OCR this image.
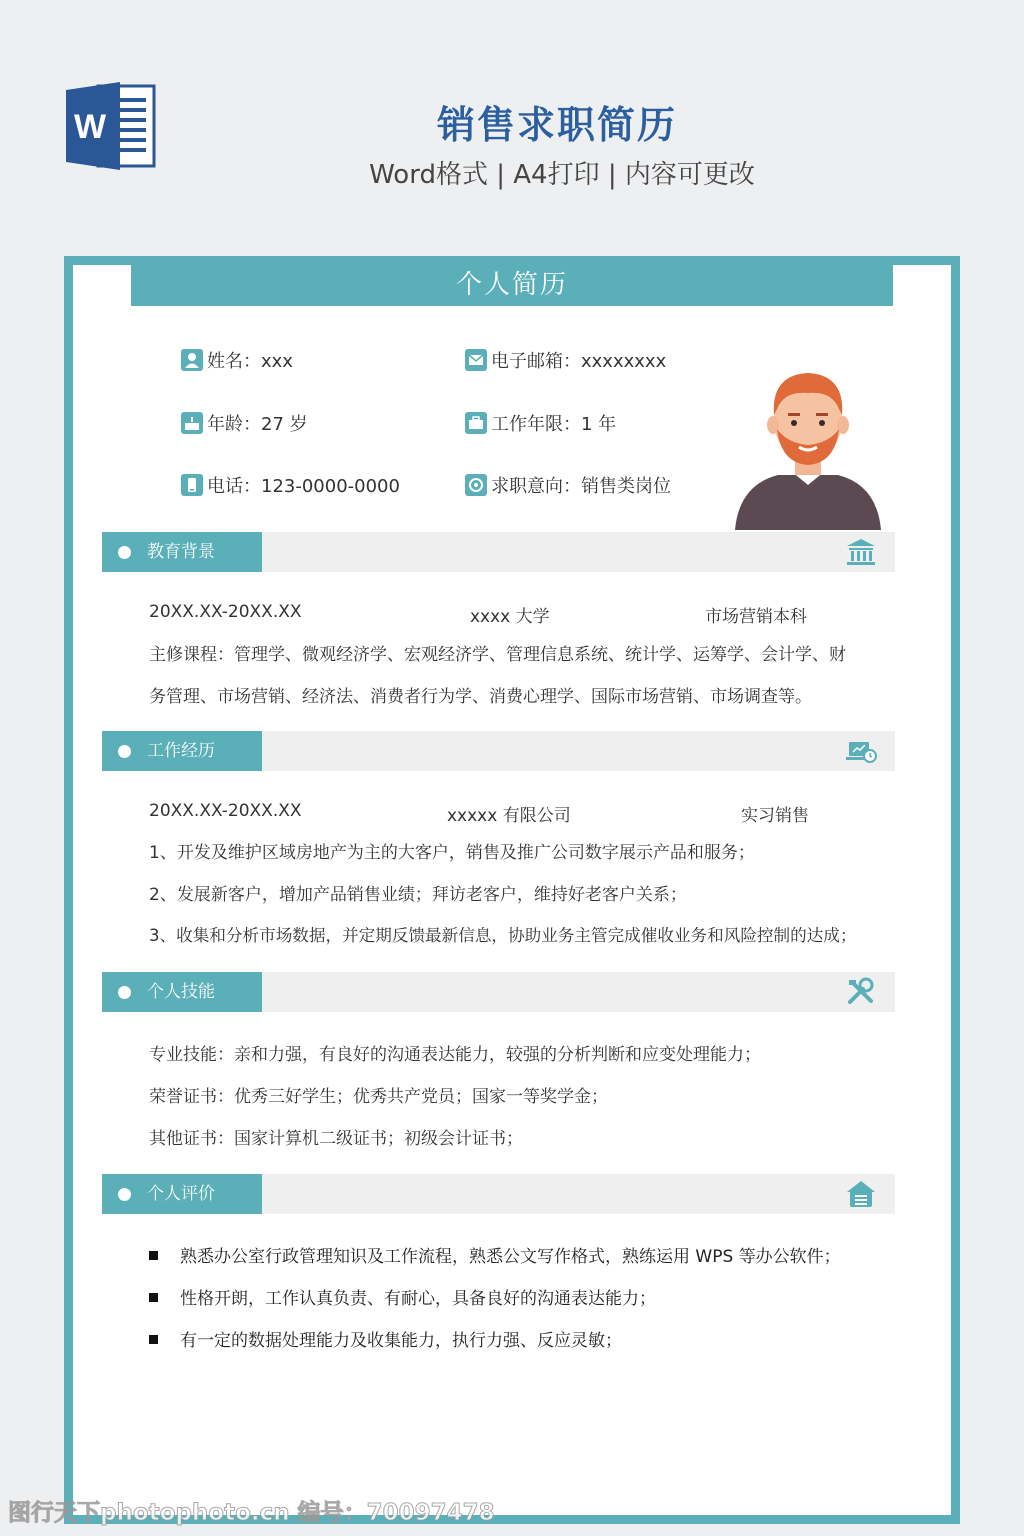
W	销售求职简历
Word格式 | A4打印 | 内容可更改
个人简历
姓名：xxx	电子邮箱：xxxxxxxx
年龄：27 岁	工作年限：1 年
电话：123-0000-0000	求职意向：销售类岗位
教育背景
20XX.XX-20XX.XX	xxxx 大学	市场营销本科
主修课程：管理学、微观经济学、宏观经济学、管理信息系统、统计学、运筹学、会计学、财
务管理、市场营销、经济法、消费者行为学、消费心理学、国际市场营销、市场调查等。
工作经历
20XX.XX-20XX.XX	xxxxx 有限公司	实习销售
1、开发及维护区域房地产为主的大客户，销售及推广公司数字展示产品和服务；
2、发展新客户，增加产品销售业绩；拜访老客户，维持好老客户关系；
3、收集和分析市场数据，并定期反馈最新信息，协助业务主管完成催收业务和风险控制的达成；
个人技能
专业技能：亲和力强，有良好的沟通表达能力，较强的分析判断和应变处理能力；
荣誉证书：优秀三好学生；优秀共产党员；国家一等奖学金；
其他证书：国家计算机二级证书；初级会计证书；
个人评价
熟悉办公室行政管理知识及工作流程，熟悉公文写作格式，熟练运用 WPS 等办公软件；
性格开朗，工作认真负责、有耐心，具备良好的沟通表达能力；
有一定的数据处理能力及收集能力，执行力强、反应灵敏；
图行天下photophoto.cn 编号：70097478
